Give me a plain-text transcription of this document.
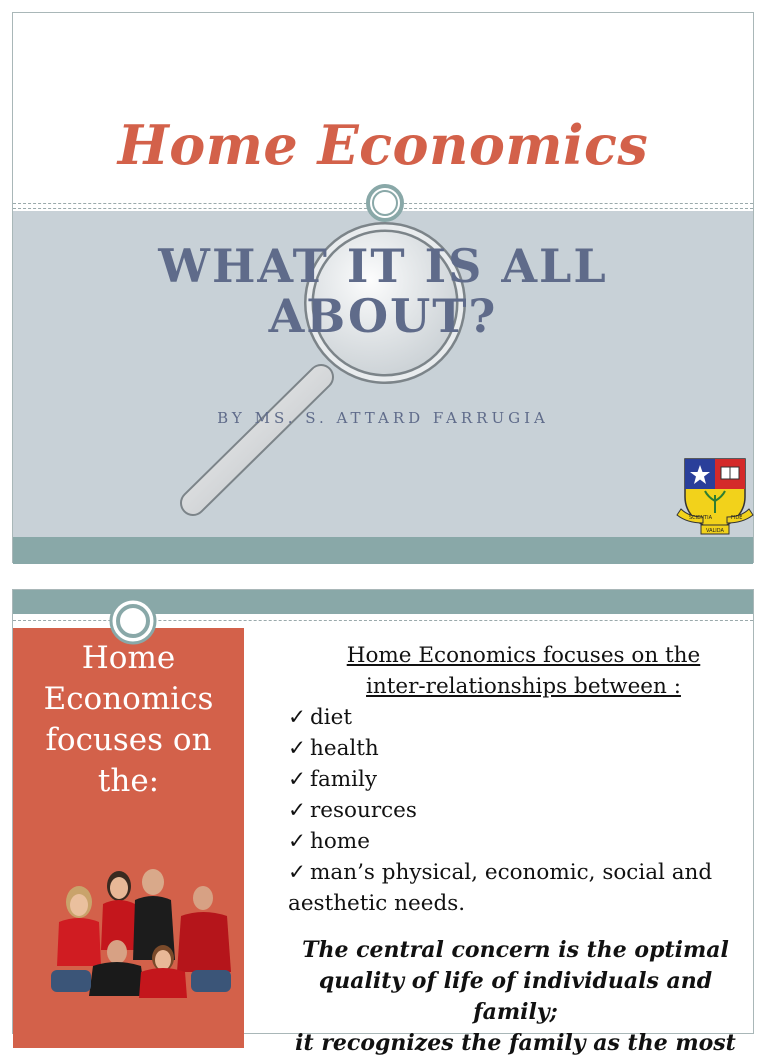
Home Economics
WHAT IT IS ALL
ABOUT?
BY MS. S. ATTARD FARRUGIA
SCIENTIA	FIDE
VALIDA
Home
Economics
focuses on
the:
Home Economics focuses on the
inter-relationships between :
✓ diet
✓ health
✓ family
✓ resources
✓ home
✓ man’s physical, economic, social and
aesthetic needs.
The central concern is the optimal
quality of life of individuals and family;
it recognizes the family as the most
